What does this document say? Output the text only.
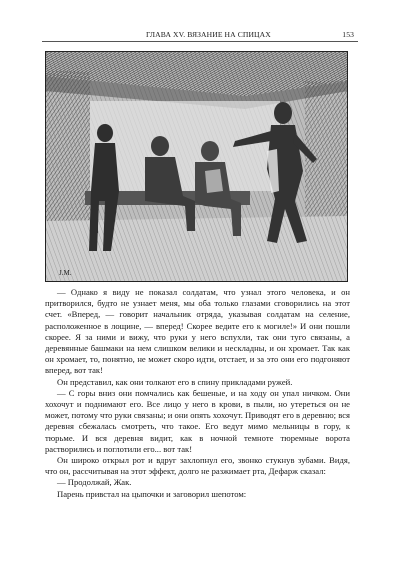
ГЛАВА XV. ВЯЗАНИЕ НА СПИЦАХ	153
J.M.

— Однако я виду не показал солдатам, что узнал этого человека, и он притворился, будто не узнает меня, мы оба только глазами сговорились на этот счет. «Вперед, — говорит начальник отряда, указывая солдатам на селение, расположенное в лощине, — вперед! Скорее ведите его к могиле!» И они пошли скорее. Я за ними и вижу, что руки у него вспухли, так они туго связаны, а деревянные башмаки на нем слишком велики и нескладны, и он хромает. Так как он хромает, то, понятно, не может скоро идти, отстает, и за это они его подгоняют вперед, вот так!

Он представил, как они толкают его в спину прикладами ружей.

— С горы вниз они помчались как бешеные, и на ходу он упал ничком. Они хохочут и поднимают его. Все лицо у него в крови, в пыли, но утереться он не может, потому что руки связаны; и они опять хохочут. Приводят его в деревню; вся деревня сбежалась смотреть, что такое. Его ведут мимо мельницы в гору, к тюрьме. И вся деревня видит, как в ночной темноте тюремные ворота растворились и поглотили его... вот так!

Он широко открыл рот и вдруг захлопнул его, звонко стукнув зубами. Видя, что он, рассчитывая на этот эффект, долго не разжимает рта, Дефарж сказал:

— Продолжай, Жак.

Парень привстал на цыпочки и заговорил шепотом:
